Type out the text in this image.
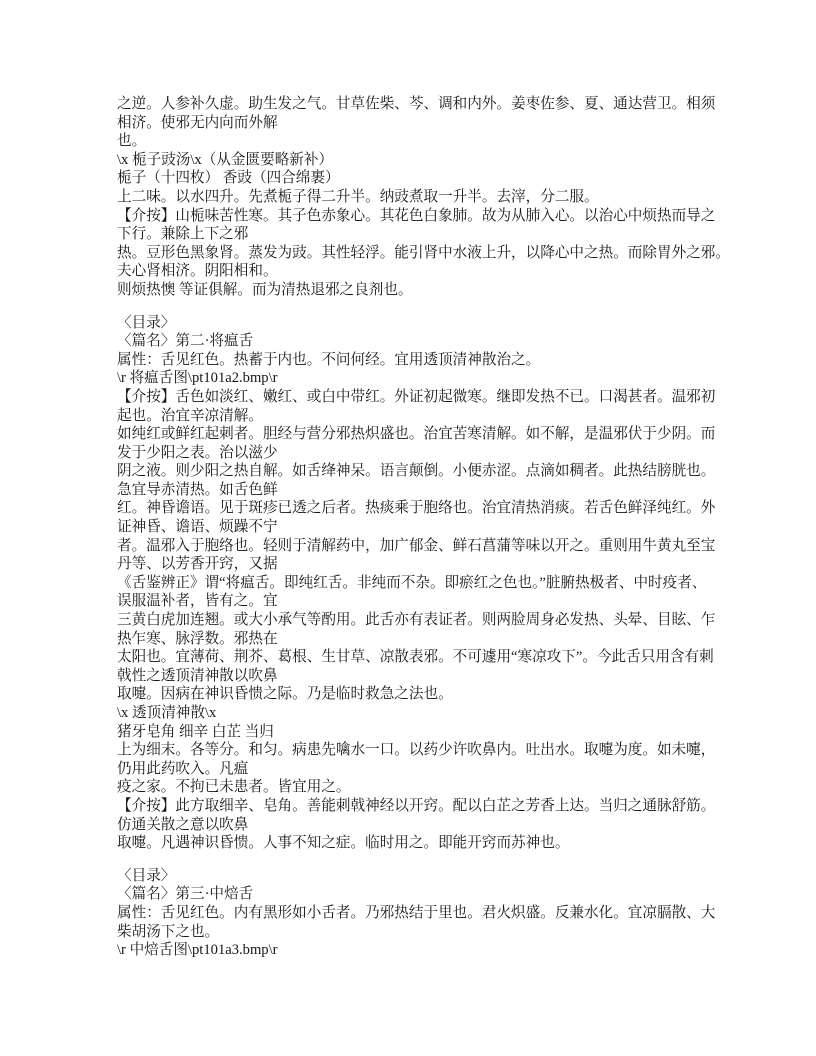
之逆。人参补久虚。助生发之气。甘草佐柴、芩、调和内外。姜枣佐参、夏、通达营卫。相须
相济。使邪无内向而外解
也。
\x 栀子豉汤\x（从金匮要略新补）
栀子（十四枚） 香豉（四合绵裹）
上二味。以水四升。先煮栀子得二升半。纳豉煮取一升半。去滓，分二服。
【介按】山栀味苦性寒。其子色赤象心。其花色白象肺。故为从肺入心。以治心中烦热而导之
下行。兼除上下之邪
热。豆形色黑象肾。蒸发为豉。其性轻浮。能引肾中水液上升，以降心中之热。而除胃外之邪。
夫心肾相济。阴阳相和。
则烦热懊 等证俱解。而为清热退邪之良剂也。
〈目录〉
〈篇名〉第二·将瘟舌
属性：舌见红色。热蓄于内也。不问何经。宜用透顶清神散治之。
\r 将瘟舌图\pt101a2.bmp\r
【介按】舌色如淡红、嫩红、或白中带红。外证初起微寒。继即发热不已。口渴甚者。温邪初
起也。治宜辛凉清解。
如纯红或鲜红起刺者。胆经与营分邪热炽盛也。治宜苦寒清解。如不解，是温邪伏于少阴。而
发于少阳之表。治以滋少
阴之液。则少阳之热自解。如舌绛神呆。语言颠倒。小便赤涩。点滴如稠者。此热结膀胱也。
急宜导赤清热。如舌色鲜
红。神昏谵语。见于斑疹已透之后者。热痰乘于胞络也。治宜清热消痰。若舌色鲜泽纯红。外
证神昏、谵语、烦躁不宁
者。温邪入于胞络也。轻则于清解药中，加广郁金、鲜石菖蒲等味以开之。重则用牛黄丸至宝
丹等、以芳香开窍，又据
《舌鉴辨正》谓“将瘟舌。即纯红舌。非纯而不杂。即瘀红之色也。”脏腑热极者、中时疫者、
误服温补者，皆有之。宜
三黄白虎加连翘。或大小承气等酌用。此舌亦有表证者。则两脸周身必发热、头晕、目眩、乍
热乍寒、脉浮数。邪热在
太阳也。宜薄荷、荆芥、葛根、生甘草、凉散表邪。不可遽用“寒凉攻下”。今此舌只用含有刺
戟性之透顶清神散以吹鼻
取嚏。因病在神识昏愦之际。乃是临时救急之法也。
\x 透顶清神散\x
猪牙皂角 细辛 白芷 当归
上为细末。各等分。和匀。病患先噙水一口。以药少许吹鼻内。吐出水。取嚏为度。如未嚏，
仍用此药吹入。凡瘟
疫之家。不拘已未患者。皆宜用之。
【介按】此方取细辛、皂角。善能刺戟神经以开窍。配以白芷之芳香上达。当归之通脉舒筋。
仿通关散之意以吹鼻
取嚏。凡遇神识昏愦。人事不知之症。临时用之。即能开窍而苏神也。
〈目录〉
〈篇名〉第三·中焙舌
属性：舌见红色。内有黑形如小舌者。乃邪热结于里也。君火炽盛。反兼水化。宜凉膈散、大
柴胡汤下之也。
\r 中焙舌图\pt101a3.bmp\r
